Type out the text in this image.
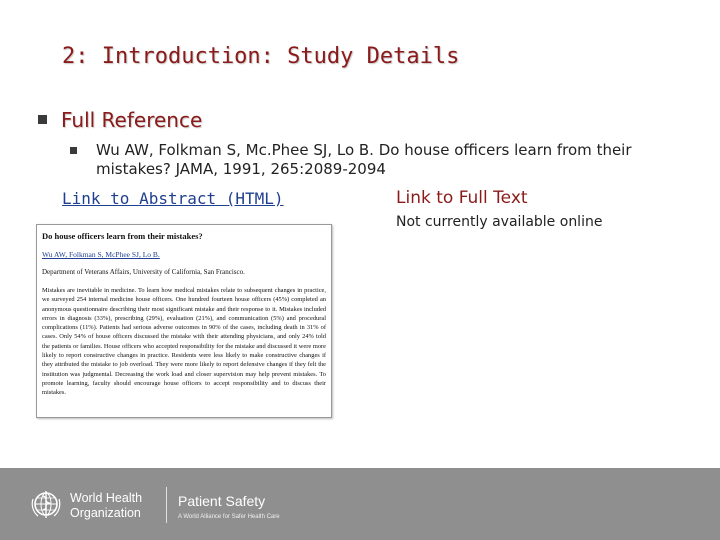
2: Introduction: Study Details
Full Reference
Wu AW, Folkman S, Mc.Phee SJ, Lo B. Do house officers learn from their mistakes? JAMA, 1991, 265:2089-2094
Link to Abstract (HTML)	Link to Full Text
Not currently available online
Do house officers learn from their mistakes?
Wu AW, Folkman S, McPhee SJ, Lo B.
Department of Veterans Affairs, University of California, San Francisco.
Mistakes are inevitable in medicine. To learn how medical mistakes relate to subsequent changes in practice, we surveyed 254 internal medicine house officers. One hundred fourteen house officers (45%) completed an anonymous questionnaire describing their most significant mistake and their response to it. Mistakes included errors in diagnosis (33%), prescribing (29%), evaluation (21%), and communication (5%) and procedural complications (11%). Patients had serious adverse outcomes in 90% of the cases, including death in 31% of cases. Only 54% of house officers discussed the mistake with their attending physicians, and only 24% told the patients or families. House officers who accepted responsibility for the mistake and discussed it were more likely to report constructive changes in practice. Residents were less likely to make constructive changes if they attributed the mistake to job overload. They were more likely to report defensive changes if they felt the institution was judgmental. Decreasing the work load and closer supervision may help prevent mistakes. To promote learning, faculty should encourage house officers to accept responsibility and to discuss their mistakes.
World Health
Organization
Patient Safety
A World Alliance for Safer Health Care
